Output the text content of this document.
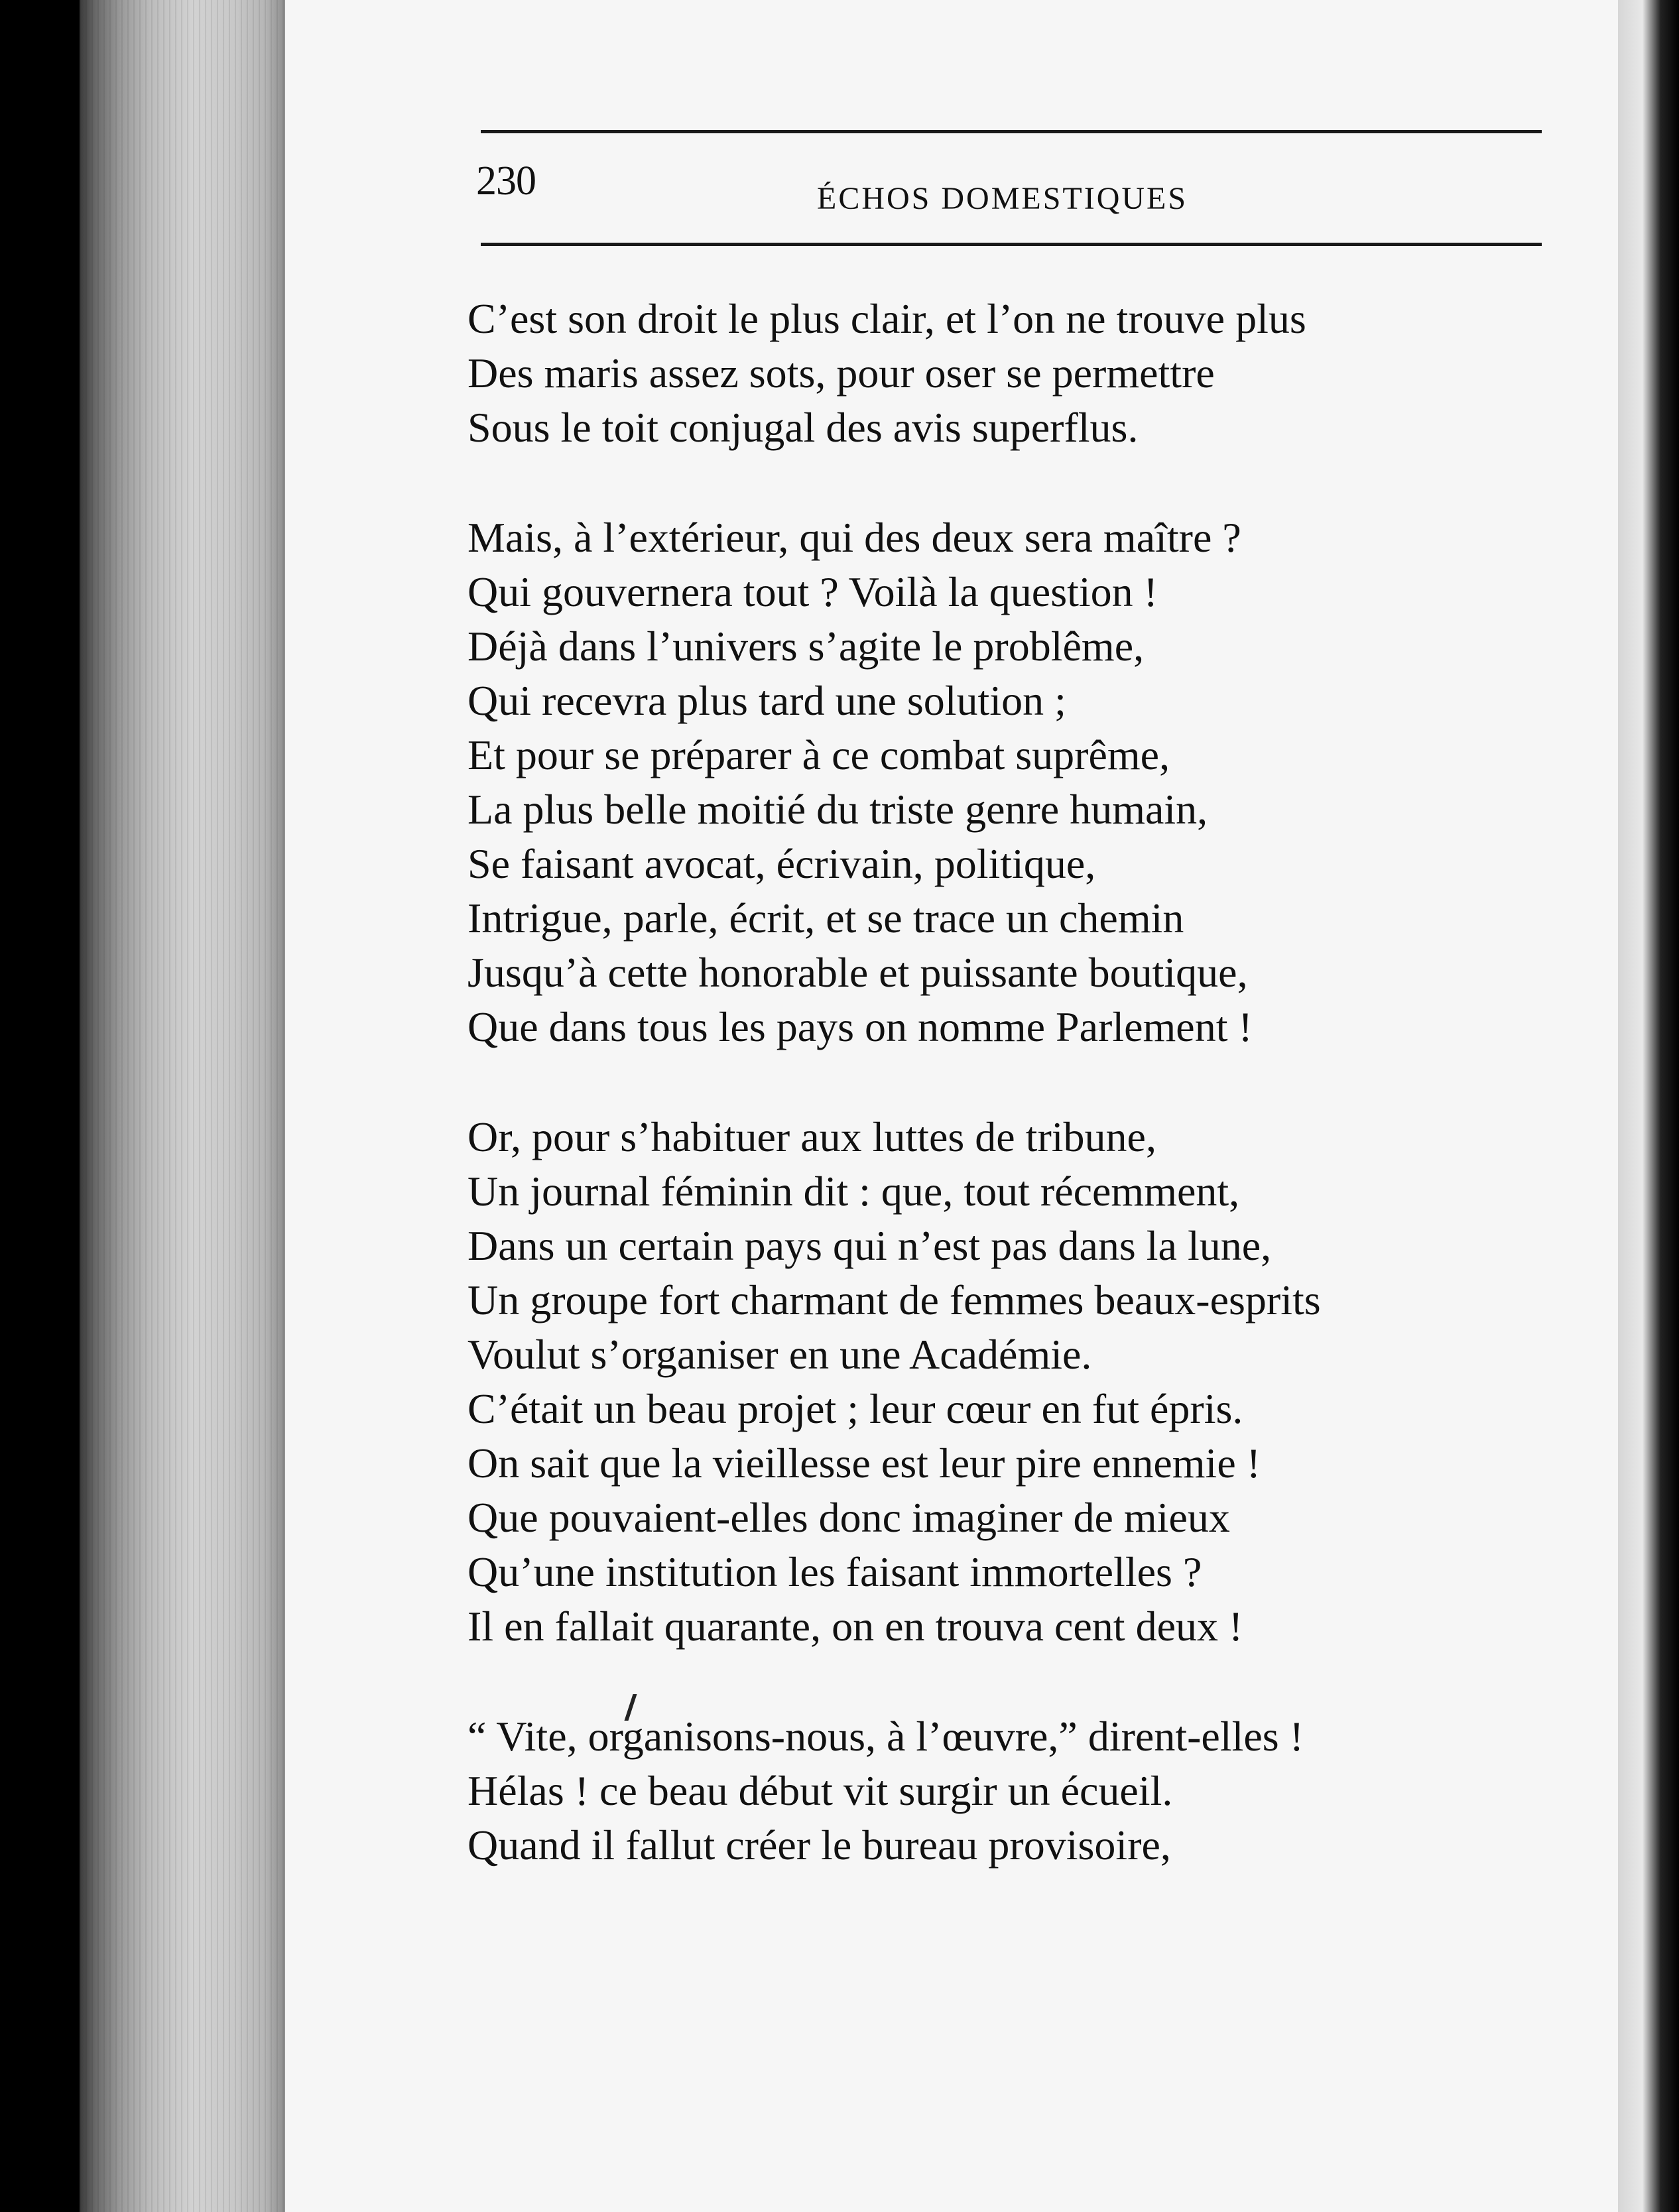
230	ÉCHOS DOMESTIQUES
C’est son droit le plus clair, et l’on ne trouve plus
Des maris assez sots, pour oser se permettre
Sous le toit conjugal des avis superflus.
Mais, à l’extérieur, qui des deux sera maître ?
Qui gouvernera tout ? Voilà la question !
Déjà dans l’univers s’agite le problême,
Qui recevra plus tard une solution ;
Et pour se préparer à ce combat suprême,
La plus belle moitié du triste genre humain,
Se faisant avocat, écrivain, politique,
Intrigue, parle, écrit, et se trace un chemin
Jusqu’à cette honorable et puissante boutique,
Que dans tous les pays on nomme Parlement !
Or, pour s’habituer aux luttes de tribune,
Un journal féminin dit : que, tout récemment,
Dans un certain pays qui n’est pas dans la lune,
Un groupe fort charmant de femmes beaux-esprits
Voulut s’organiser en une Académie.
C’était un beau projet ; leur cœur en fut épris.
On sait que la vieillesse est leur pire ennemie !
Que pouvaient-elles donc imaginer de mieux
Qu’une institution les faisant immortelles ?
Il en fallait quarante, on en trouva cent deux !
“ Vite, organisons-nous, à l’œuvre,” dirent-elles !
Hélas ! ce beau début vit surgir un écueil.
Quand il fallut créer le bureau provisoire,
